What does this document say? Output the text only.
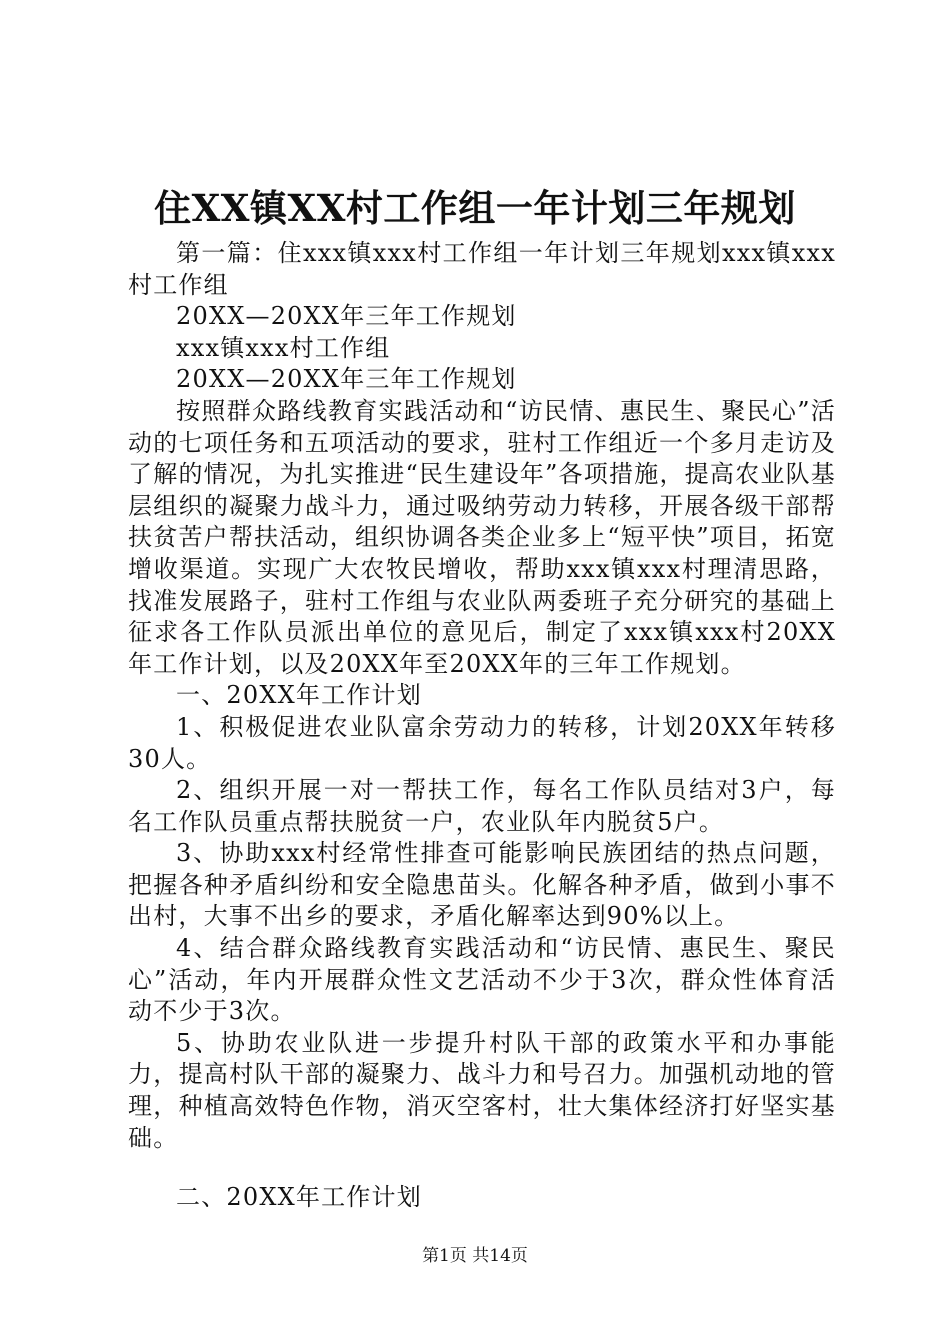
住XX镇XX村工作组一年计划三年规划

第一篇：住xxx镇xxx村工作组一年计划三年规划xxx镇xxx村工作组

20XX—20XX年三年工作规划

xxx镇xxx村工作组

20XX—20XX年三年工作规划

按照群众路线教育实践活动和“访民情、惠民生、聚民心”活动的七项任务和五项活动的要求，驻村工作组近一个多月走访及了解的情况，为扎实推进“民生建设年”各项措施，提高农业队基层组织的凝聚力战斗力，通过吸纳劳动力转移，开展各级干部帮扶贫苦户帮扶活动，组织协调各类企业多上“短平快”项目，拓宽增收渠道。实现广大农牧民增收，帮助xxx镇xxx村理清思路，找准发展路子，驻村工作组与农业队两委班子充分研究的基础上征求各工作队员派出单位的意见后，制定了xxx镇xxx村20XX年工作计划，以及20XX年至20XX年的三年工作规划。

一、20XX年工作计划

1、积极促进农业队富余劳动力的转移，计划20XX年转移30人。

2、组织开展一对一帮扶工作，每名工作队员结对3户，每名工作队员重点帮扶脱贫一户，农业队年内脱贫5户。

3、协助xxx村经常性排查可能影响民族团结的热点问题，把握各种矛盾纠纷和安全隐患苗头。化解各种矛盾，做到小事不出村，大事不出乡的要求，矛盾化解率达到90%以上。

4、结合群众路线教育实践活动和“访民情、惠民生、聚民心”活动，年内开展群众性文艺活动不少于3次，群众性体育活动不少于3次。

5、协助农业队进一步提升村队干部的政策水平和办事能力，提高村队干部的凝聚力、战斗力和号召力。加强机动地的管理，种植高效特色作物，消灭空客村，壮大集体经济打好坚实基础。

二、20XX年工作计划

第1页 共14页
